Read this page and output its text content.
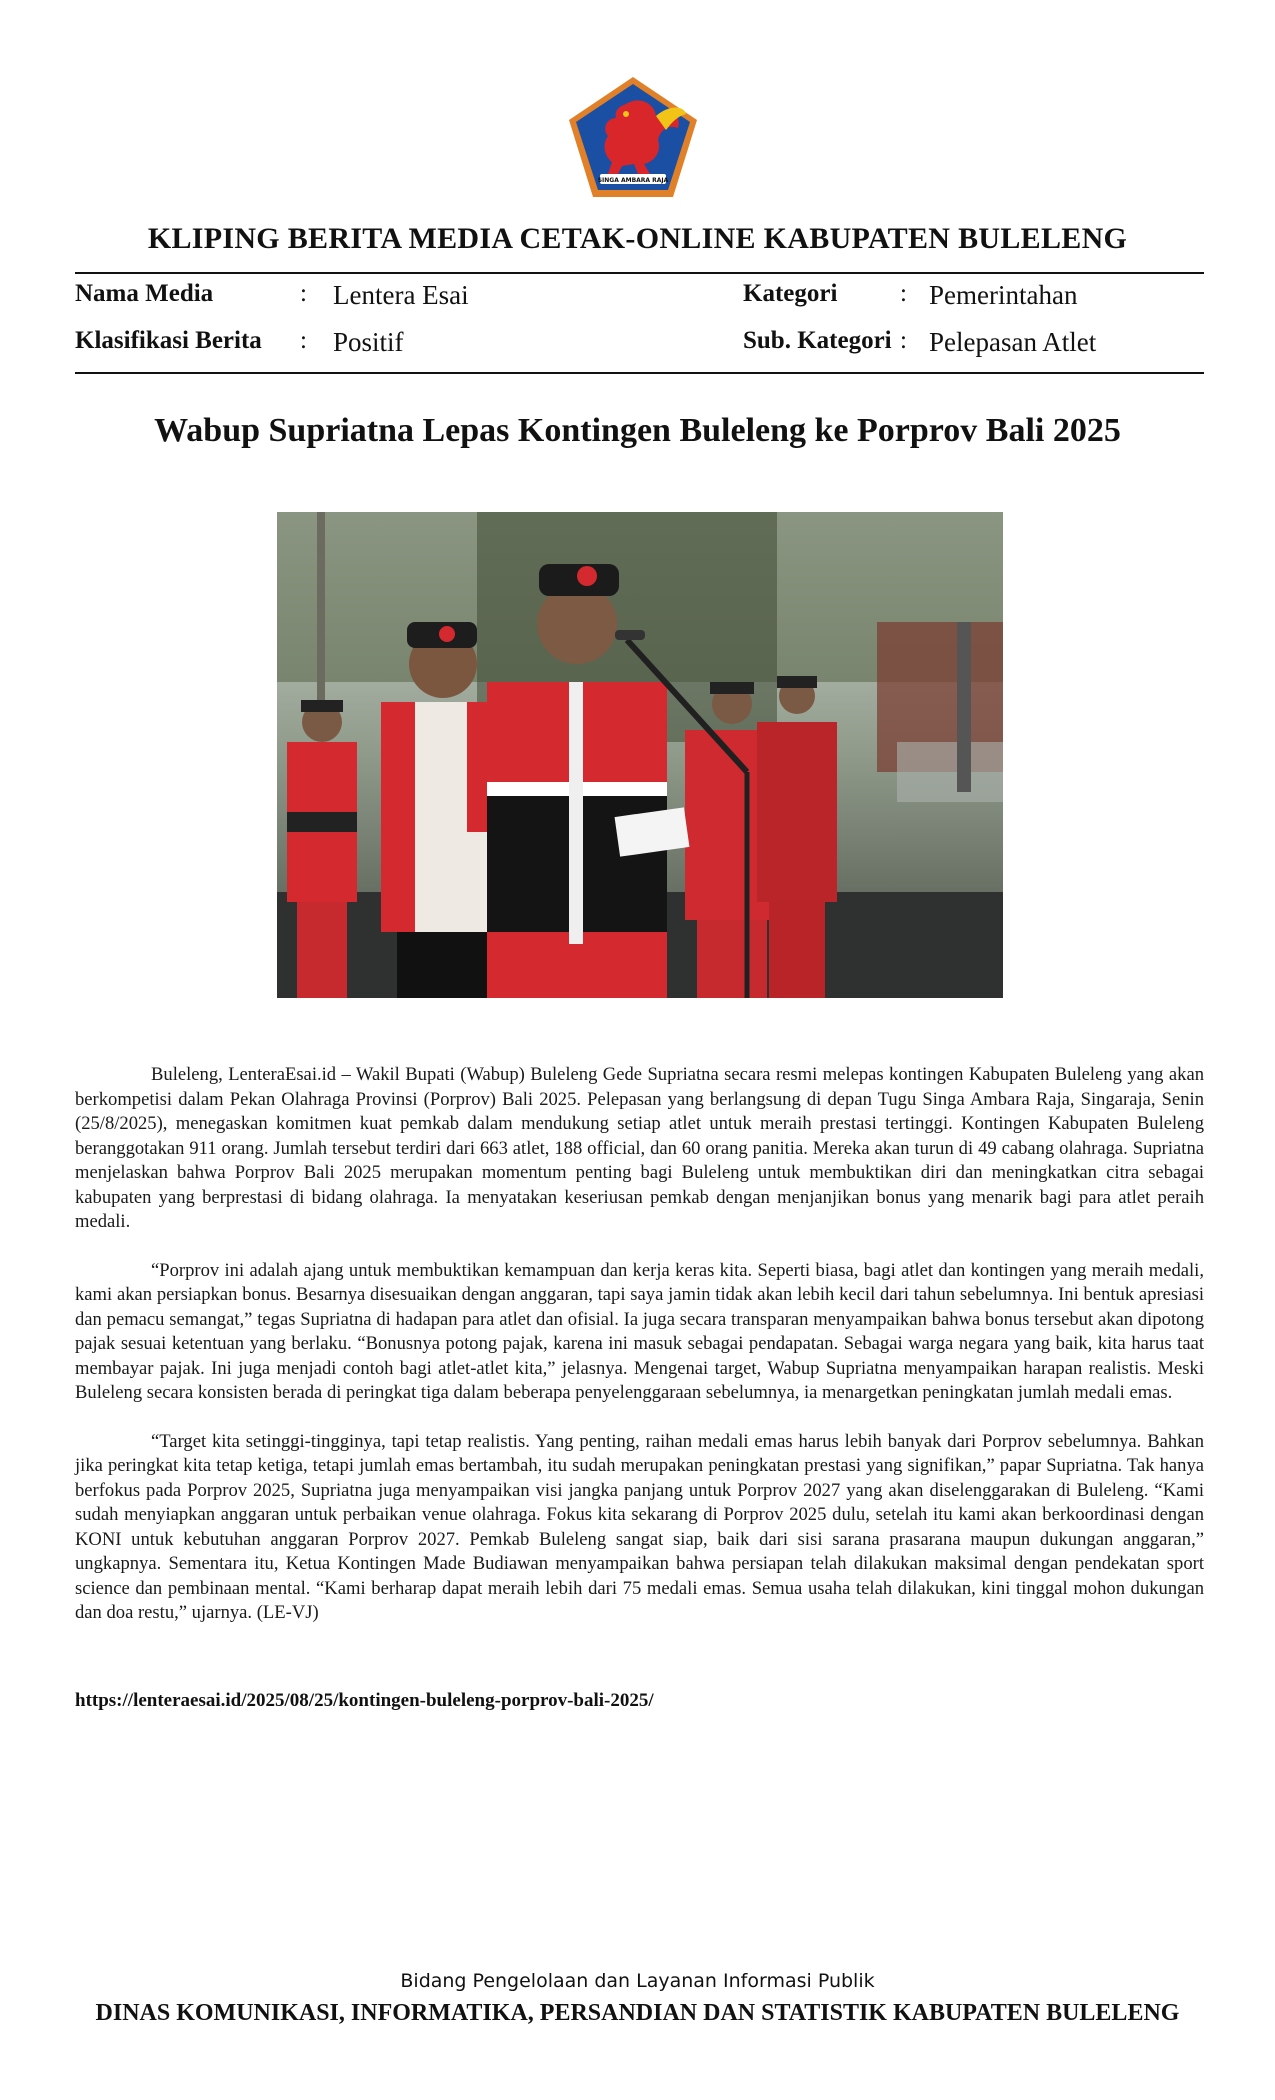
SINGA AMBARA RAJA
KLIPING BERITA MEDIA CETAK-ONLINE KABUPATEN BULELENG
Nama Media	: Lentera Esai
Klasifikasi Berita : Positif
Kategori	: Pemerintahan
Sub. Kategori : Pelepasan Atlet
Wabup Supriatna Lepas Kontingen Buleleng ke Porprov Bali 2025

Buleleng, LenteraEsai.id – Wakil Bupati (Wabup) Buleleng Gede Supriatna secara resmi melepas kontingen Kabupaten Buleleng yang akan berkompetisi dalam Pekan Olahraga Provinsi (Porprov) Bali 2025. Pelepasan yang berlangsung di depan Tugu Singa Ambara Raja, Singaraja, Senin (25/8/2025), menegaskan komitmen kuat pemkab dalam mendukung setiap atlet untuk meraih prestasi tertinggi. Kontingen Kabupaten Buleleng beranggotakan 911 orang. Jumlah tersebut terdiri dari 663 atlet, 188 official, dan 60 orang panitia. Mereka akan turun di 49 cabang olahraga. Supriatna menjelaskan bahwa Porprov Bali 2025 merupakan momentum penting bagi Buleleng untuk membuktikan diri dan meningkatkan citra sebagai kabupaten yang berprestasi di bidang olahraga. Ia menyatakan keseriusan pemkab dengan menjanjikan bonus yang menarik bagi para atlet peraih medali.

“Porprov ini adalah ajang untuk membuktikan kemampuan dan kerja keras kita. Seperti biasa, bagi atlet dan kontingen yang meraih medali, kami akan persiapkan bonus. Besarnya disesuaikan dengan anggaran, tapi saya jamin tidak akan lebih kecil dari tahun sebelumnya. Ini bentuk apresiasi dan pemacu semangat,” tegas Supriatna di hadapan para atlet dan ofisial. Ia juga secara transparan menyampaikan bahwa bonus tersebut akan dipotong pajak sesuai ketentuan yang berlaku. “Bonusnya potong pajak, karena ini masuk sebagai pendapatan. Sebagai warga negara yang baik, kita harus taat membayar pajak. Ini juga menjadi contoh bagi atlet-atlet kita,” jelasnya. Mengenai target, Wabup Supriatna menyampaikan harapan realistis. Meski Buleleng secara konsisten berada di peringkat tiga dalam beberapa penyelenggaraan sebelumnya, ia menargetkan peningkatan jumlah medali emas.

“Target kita setinggi-tingginya, tapi tetap realistis. Yang penting, raihan medali emas harus lebih banyak dari Porprov sebelumnya. Bahkan jika peringkat kita tetap ketiga, tetapi jumlah emas bertambah, itu sudah merupakan peningkatan prestasi yang signifikan,” papar Supriatna. Tak hanya berfokus pada Porprov 2025, Supriatna juga menyampaikan visi jangka panjang untuk Porprov 2027 yang akan diselenggarakan di Buleleng. “Kami sudah menyiapkan anggaran untuk perbaikan venue olahraga. Fokus kita sekarang di Porprov 2025 dulu, setelah itu kami akan berkoordinasi dengan KONI untuk kebutuhan anggaran Porprov 2027. Pemkab Buleleng sangat siap, baik dari sisi sarana prasarana maupun dukungan anggaran,” ungkapnya. Sementara itu, Ketua Kontingen Made Budiawan menyampaikan bahwa persiapan telah dilakukan maksimal dengan pendekatan sport science dan pembinaan mental. “Kami berharap dapat meraih lebih dari 75 medali emas. Semua usaha telah dilakukan, kini tinggal mohon dukungan dan doa restu,” ujarnya. (LE-VJ)

https://lenteraesai.id/2025/08/25/kontingen-buleleng-porprov-bali-2025/
Bidang Pengelolaan dan Layanan Informasi Publik
DINAS KOMUNIKASI, INFORMATIKA, PERSANDIAN DAN STATISTIK KABUPATEN BULELENG
